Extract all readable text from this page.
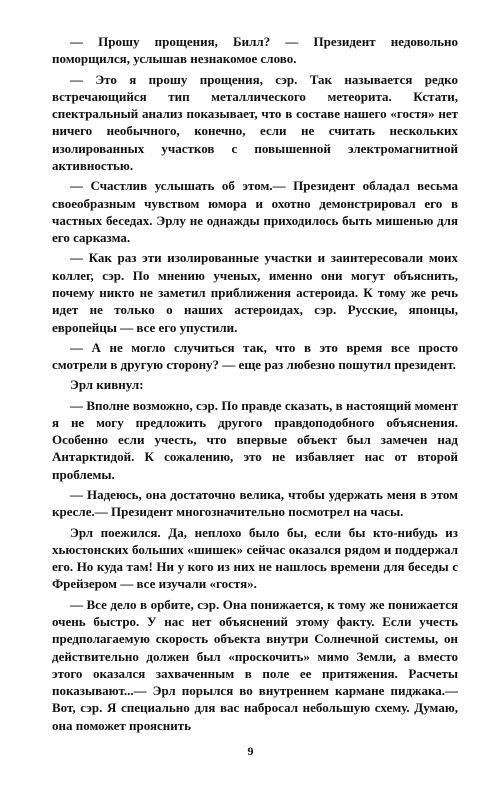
— Прошу прощения, Билл? — Президент недовольно поморщился, услышав незнакомое слово.

— Это я прошу прощения, сэр. Так называется редко встречающийся тип металлического метеорита. Кстати, спектральный анализ показывает, что в составе нашего «гостя» нет ничего необычного, конечно, если не считать нескольких изолированных участков с повышенной электромагнитной активностью.

— Счастлив услышать об этом.— Президент обладал весьма своеобразным чувством юмора и охотно демонстрировал его в частных беседах. Эрлу не однажды приходилось быть мишенью для его сарказма.

— Как раз эти изолированные участки и заинтересовали моих коллег, сэр. По мнению ученых, именно они могут объяснить, почему никто не заметил приближения астероида. К тому же речь идет не только о наших астероидах, сэр. Русские, японцы, европейцы — все его упустили.

— А не могло случиться так, что в это время все просто смотрели в другую сторону? — еще раз любезно пошутил президент.

Эрл кивнул:

— Вполне возможно, сэр. По правде сказать, в настоящий момент я не могу предложить другого правдоподобного объяснения. Особенно если учесть, что впервые объект был замечен над Антарктидой. К сожалению, это не избавляет нас от второй проблемы.

— Надеюсь, она достаточно велика, чтобы удержать меня в этом кресле.— Президент многозначительно посмотрел на часы.

Эрл поежился. Да, неплохо было бы, если бы кто-нибудь из хьюстонских больших «шишек» сейчас оказался рядом и поддержал его. Но куда там! Ни у кого из них не нашлось времени для беседы с Фрейзером — все изучали «гостя».

— Все дело в орбите, сэр. Она понижается, к тому же понижается очень быстро. У нас нет объяснений этому факту. Если учесть предполагаемую скорость объекта внутри Солнечной системы, он действительно должен был «проскочить» мимо Земли, а вместо этого оказался захваченным в поле ее притяжения. Расчеты показывают...— Эрл порылся во внутреннем кармане пиджака.— Вот, сэр. Я специально для вас набросал небольшую схему. Думаю, она поможет прояснить

9
